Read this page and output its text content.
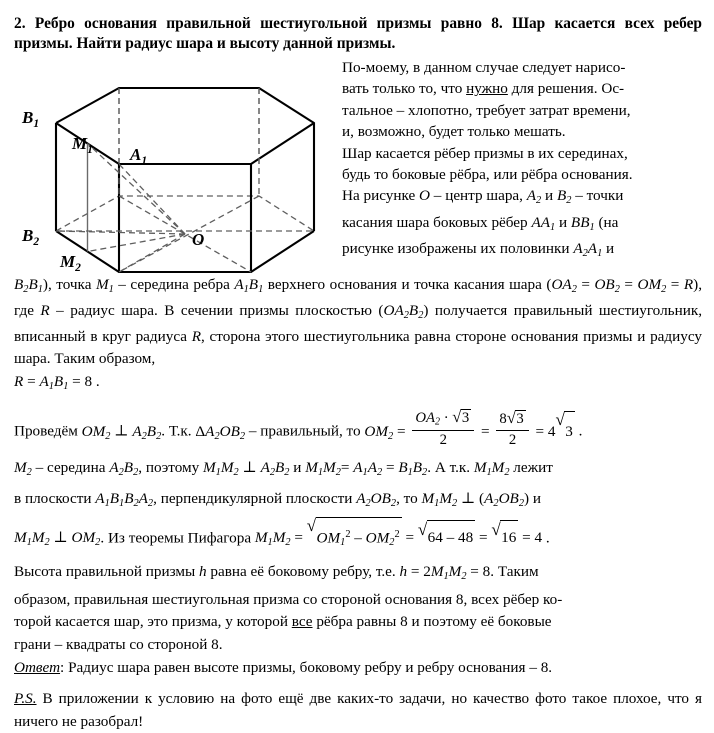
2. Ребро основания правильной шестиугольной призмы равно 8. Шар касается всех ребер призмы. Найти радиус шара и высоту данной призмы.

$B_1$
$B_2$
$M_1$
$M_2$
$A_1$
O

По-моему, в данном случае следует нарисо-
вать только то, что нужно для решения. Ос-
тальное – хлопотно, требует затрат времени,
и, возможно, будет только мешать.
Шар касается рёбер призмы в их серединах,
будь то боковые рёбра, или рёбра основания.
На рисунке O – центр шара, $A_2$ и $B_2$ – точки
касания шара боковых рёбер $AA_1$ и $BB_1$ (на
рисунке изображены их половинки $A_2A_1$ и

$B_2B_1$), точка $M_1$ – середина ребра $A_1B_1$ верхнего основания и точка касания шара $(OA_2 = OB_2 = OM_2 = R)$, где R – радиус шара. В сечении призмы плоскостью $(OA_2B_2)$ получается правильный шестиугольник, вписанный в круг радиуса R, сторона этого шестиугольника равна стороне основания призмы и радиусу шара. Таким образом,

$R = A_1B_1 = 8$ .

Проведём $OM_2$ ⊥ $A_2B_2$. Т.к. $\Delta A_2OB_2$ – правильный, то $OM_2 = \frac{OA_2 \cdot √ 3}{2} = \frac{8 √ 3}{2} = 4$
√
3 .

$M_2$ – середина $A_2B_2$, поэтому $M_1M_2$ ⊥ $A_2B_2$ и $M_1M_2= A_1A_2 = B_1B_2$. А т.к. $M_1M_2$ лежит

в плоскости $A_1B_1B_2A_2$, перпендикулярной плоскости $A_2OB_2$, то $M_1M_2$ ⊥ $(A_2OB_2)$ и

$M_1M_2$ ⊥ $OM_2$. Из теоремы Пифагора $M_1M_2$ =
√
$OM_1^2 - OM_2^2$ = √ 64 – 48 = √ 16 = 4 .

Высота правильной призмы h равна её боковому ребру, т.е. $h = 2M_1M_2 = 8$. Таким

образом, правильная шестиугольная призма со стороной основания 8, всех рёбер ко-

торой касается шар, это призма, у которой все рёбра равны 8 и поэтому её боковые

грани – квадраты со стороной 8.

Ответ: Радиус шара равен высоте призмы, боковому ребру и ребру основания – 8.

P.S. В приложении к условию на фото ещё две каких-то задачи, но качество фото такое плохое, что я ничего не разобрал!
